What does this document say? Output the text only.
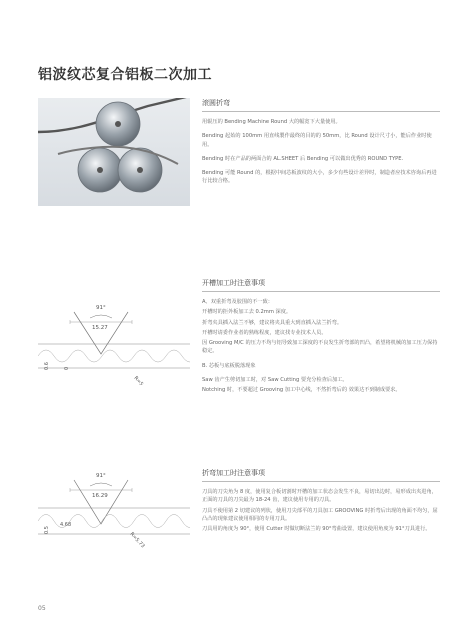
铝波纹芯复合铝板二次加工
滚圆折弯

用辊压的 Bending Machine Round 大的幅宽下大量使用。

Bending 起始的 100mm 用直线製作最终的目的的 50mm，比 Round 设计尺寸小，能后作业时使用。

Bending 时在产品的两面合的 AL.SHEET 后 Bending 可以做出优秀的 ROUND TYPE.

Bending 可能 Round 的，根据中间芯板波纹的大小，多少有些设计差异时，制造者应技术咨询后再进行比较合格。

91°
15.27
0.6	0
R=5.73
开槽加工时注意事项

A、双重折弯及胶围的不一致：

开槽时的拒外板加工去 0.2mm 深度。

折弯夹具插入法兰不够，建议将夹具重大到直插入法兰折弯。

开槽时请委作业者的熟练程度，建议找专业技术人员。

因 Grooving M/C 的压力不均与铝导致加工深度的不良发生折弯部的凹凸，希望将机械的加工压力保持稳定。

B. 芯板与底板脱落现象

Saw 齿产生剪切加工时，对 Saw Cutting 要充分检查后加工。

Notching 时，不要超过 Grooving 加工中心线，不然折弯后的 效果达不到制成要求。

91°
16.29
0.5
4.68
R=5.73
折弯加工时注意事项

刀具的刀尖角为 8 度，使用复合板切割时开槽的加工状态会发生不良，易切出边时，易形成出夹进角，正面的刀具的刀尖最为 18-24 齿，建议使用专用的刀具。

刀具不使用第 2 切建议的列状，使用刀尖部平的刀具加工 GROOVING 时折弯后出现的角面不均匀，屈凸凸的现象建议使用相同的专用刀具。

刀具用的角度为 90°，使用 Cutter 时做切断法兰的 90°弯曲设置，建议使用角度为 91°刀具进行。

05
